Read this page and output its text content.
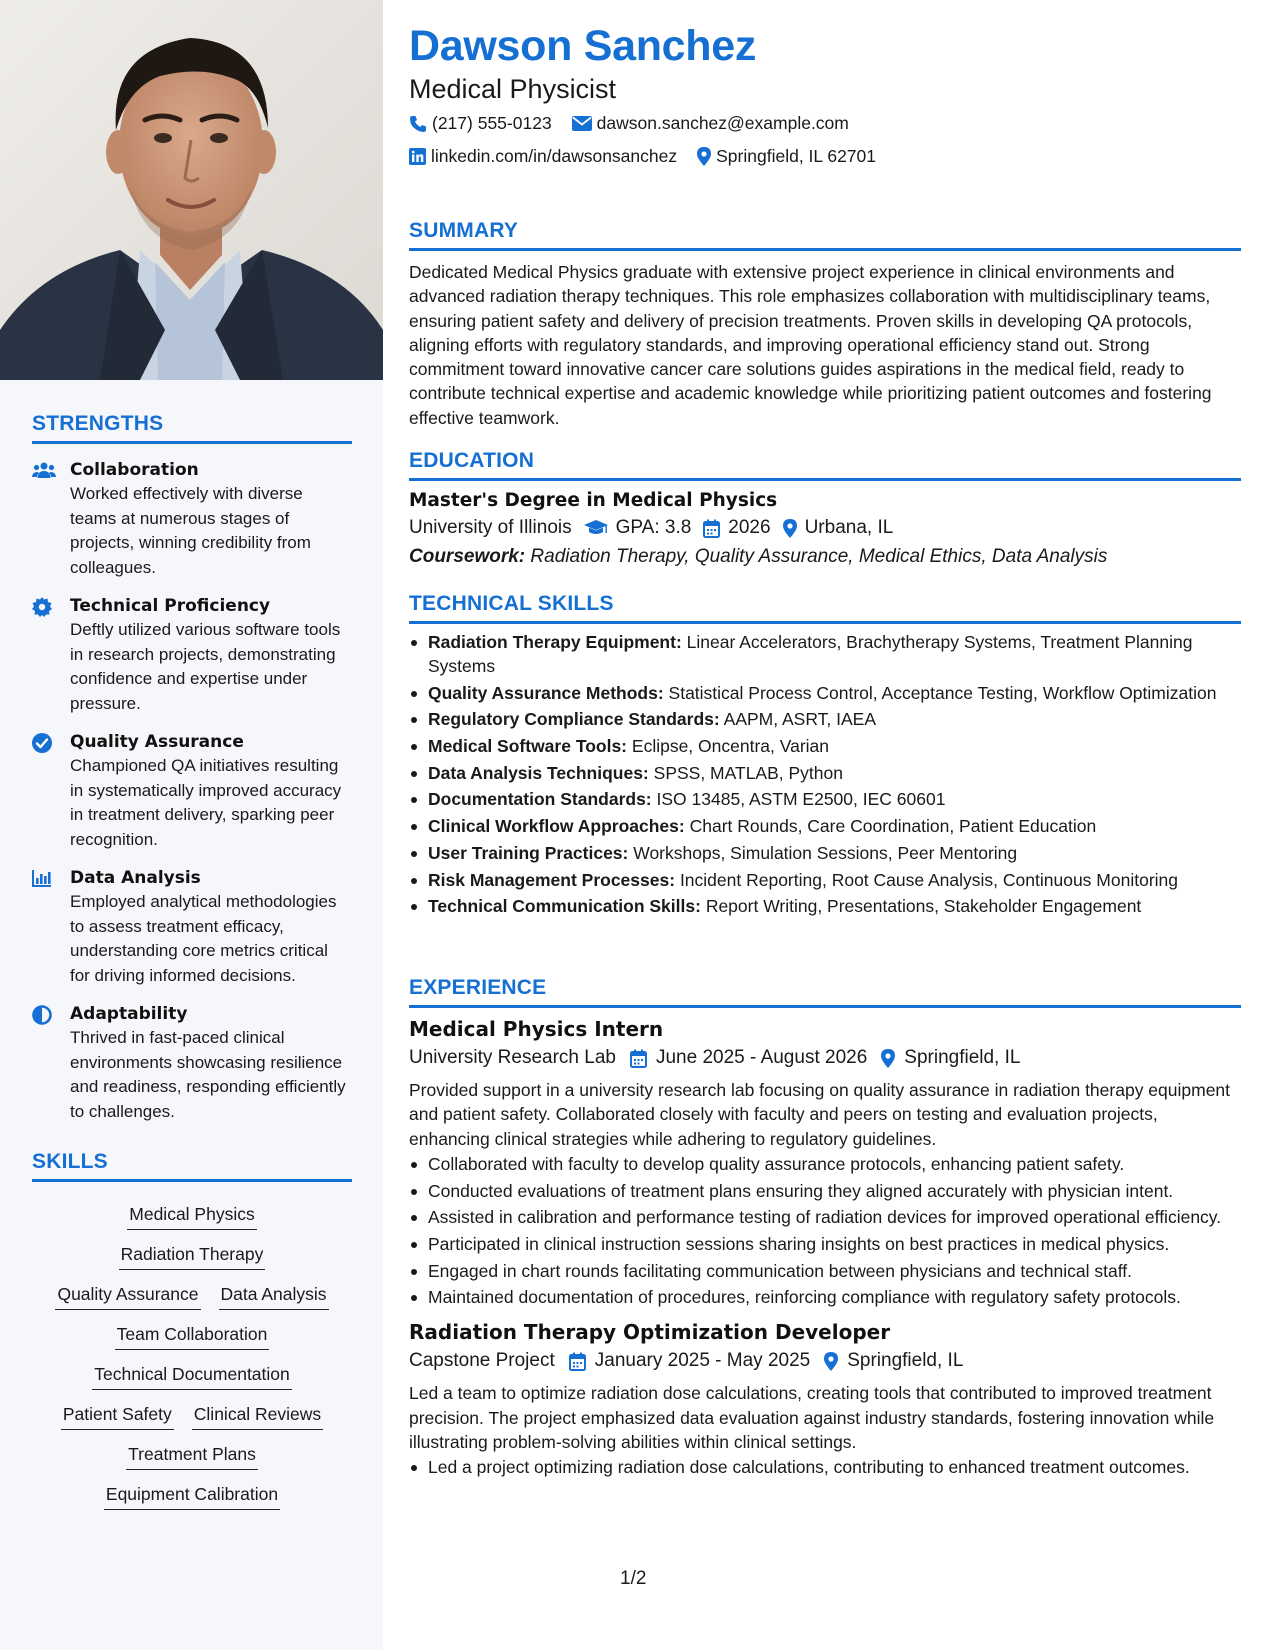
STRENGTHS
Collaboration
Worked effectively with diverse teams at numerous stages of projects, winning credibility from colleagues.
Technical Proficiency
Deftly utilized various software tools in research projects, demonstrating confidence and expertise under pressure.
Quality Assurance
Championed QA initiatives resulting in systematically improved accuracy in treatment delivery, sparking peer recognition.
Data Analysis
Employed analytical methodologies to assess treatment efficacy, understanding core metrics critical for driving informed decisions.
Adaptability
Thrived in fast-paced clinical environments showcasing resilience and readiness, responding efficiently to challenges.
SKILLS
Medical Physics
Radiation Therapy
Quality Assurance Data Analysis
Team Collaboration
Technical Documentation
Patient Safety Clinical Reviews
Treatment Plans
Equipment Calibration
Dawson Sanchez
Medical Physicist
(217) 555-0123	dawson.sanchez@example.com
linkedin.com/in/dawsonsanchez Springfield, IL 62701
SUMMARY
Dedicated Medical Physics graduate with extensive project experience in clinical environments and advanced radiation therapy techniques. This role emphasizes collaboration with multidisciplinary teams, ensuring patient safety and delivery of precision treatments. Proven skills in developing QA protocols, aligning efforts with regulatory standards, and improving operational efficiency stand out. Strong commitment toward innovative cancer care solutions guides aspirations in the medical field, ready to contribute technical expertise and academic knowledge while prioritizing patient outcomes and fostering effective teamwork.
EDUCATION
Master's Degree in Medical Physics
University of Illinois GPA: 3.8 2026 Urbana, IL
Coursework: Radiation Therapy, Quality Assurance, Medical Ethics, Data Analysis
TECHNICAL SKILLS
Radiation Therapy Equipment: Linear Accelerators, Brachytherapy Systems, Treatment Planning Systems
Quality Assurance Methods: Statistical Process Control, Acceptance Testing, Workflow Optimization
Regulatory Compliance Standards: AAPM, ASRT, IAEA
Medical Software Tools: Eclipse, Oncentra, Varian
Data Analysis Techniques: SPSS, MATLAB, Python
Documentation Standards: ISO 13485, ASTM E2500, IEC 60601
Clinical Workflow Approaches: Chart Rounds, Care Coordination, Patient Education
User Training Practices: Workshops, Simulation Sessions, Peer Mentoring
Risk Management Processes: Incident Reporting, Root Cause Analysis, Continuous Monitoring
Technical Communication Skills: Report Writing, Presentations, Stakeholder Engagement
EXPERIENCE
Medical Physics Intern
University Research Lab June 2025 - August 2026 Springfield, IL
Provided support in a university research lab focusing on quality assurance in radiation therapy equipment and patient safety. Collaborated closely with faculty and peers on testing and evaluation projects, enhancing clinical strategies while adhering to regulatory guidelines.
Collaborated with faculty to develop quality assurance protocols, enhancing patient safety.
Conducted evaluations of treatment plans ensuring they aligned accurately with physician intent.
Assisted in calibration and performance testing of radiation devices for improved operational efficiency.
Participated in clinical instruction sessions sharing insights on best practices in medical physics.
Engaged in chart rounds facilitating communication between physicians and technical staff.
Maintained documentation of procedures, reinforcing compliance with regulatory safety protocols.
Radiation Therapy Optimization Developer
Capstone Project January 2025 - May 2025 Springfield, IL
Led a team to optimize radiation dose calculations, creating tools that contributed to improved treatment precision. The project emphasized data evaluation against industry standards, fostering innovation while illustrating problem-solving abilities within clinical settings.
Led a project optimizing radiation dose calculations, contributing to enhanced treatment outcomes.
1/2
